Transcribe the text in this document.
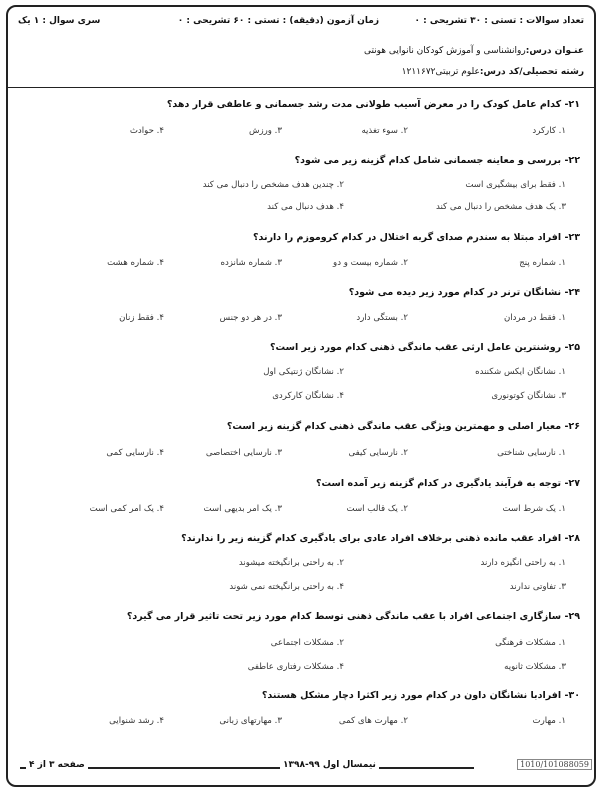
تعداد سوالات : تستی : ۳۰ تشریحی : ۰
زمان آزمون (دقیقه) : تستی : ۶۰ تشریحی : ۰
سری سوال : ۱ یک
عنـوان درس:روانشناسی و آموزش کودکان نانوایی هونتی
رشته تحصیلی/کد درس:علوم تربیتی۱۲۱۱۶۷۲
۲۱- کدام عامل کودک را در معرض آسیب طولانی مدت رشد جسمانی و عاطفی قرار دهد؟
۱. کارکرد
۲. سوء تغذیه
۳. ورزش
۴. حوادث
۲۲- بررسی و معاینه جسمانی شامل کدام گزینه زیر می شود؟
۱. فقط برای بیشگیری است
۲. چندین هدف مشخص را دنبال می کند
۳. یک هدف مشخص را دنبال می کند
۴. هدف دنبال می کند
۲۳- افراد مبتلا به سندرم صدای گربه اختلال در کدام کروموزم را دارند؟
۱. شماره پنج
۲. شماره بیست و دو
۳. شماره شانزده
۴. شماره هشت
۲۴- نشانگان ترنر در کدام مورد زیر دیده می شود؟
۱. فقط در مردان
۲. بستگی دارد
۳. در هر دو جنس
۴. فقط زنان
۲۵- روشنترین عامل ارثی عقب ماندگی ذهنی کدام مورد زیر است؟
۱. نشانگان ایکس شکننده
۲. نشانگان ژنتیکی اول
۳. نشانگان کوتونوری
۴. نشانگان کارکردی
۲۶- معیار اصلی و مهمترین ویژگی عقب ماندگی ذهنی کدام گزینه زیر است؟
۱. نارسایی شناختی
۲. نارسایی کیفی
۳. نارسایی اختصاصی
۴. نارسایی کمی
۲۷- توجه به فرآیند یادگیری در کدام گزینه زیر آمده است؟
۱. یک شرط است
۲. یک قالب است
۳. یک امر بدیهی است
۴. یک امر کمی است
۲۸- افراد عقب مانده ذهنی برخلاف افراد عادی برای یادگیری کدام گزینه زیر را ندارند؟
۱. به راحتی انگیزه دارند
۲. به راحتی برانگیخته میشوند
۳. تفاوتی ندارند
۴. به راحتی برانگیخته نمی شوند
۲۹- سازگاری اجتماعی افراد با عقب ماندگی ذهنی توسط کدام مورد زیر تحت تاثیر قرار می گیرد؟
۱. مشکلات فرهنگی
۲. مشکلات اجتماعی
۳. مشکلات ثانویه
۴. مشکلات رفتاری عاطفی
۳۰- افرادبا نشانگان داون در کدام مورد زیر اکثرا دچار مشکل هستند؟
۱. مهارت
۲. مهارت های کمی
۳. مهارتهای زبانی
۴. رشد شنوایی
صفحه ۳ از ۴	نیمسال اول ۹۹-۱۳۹۸	1010/101088059
